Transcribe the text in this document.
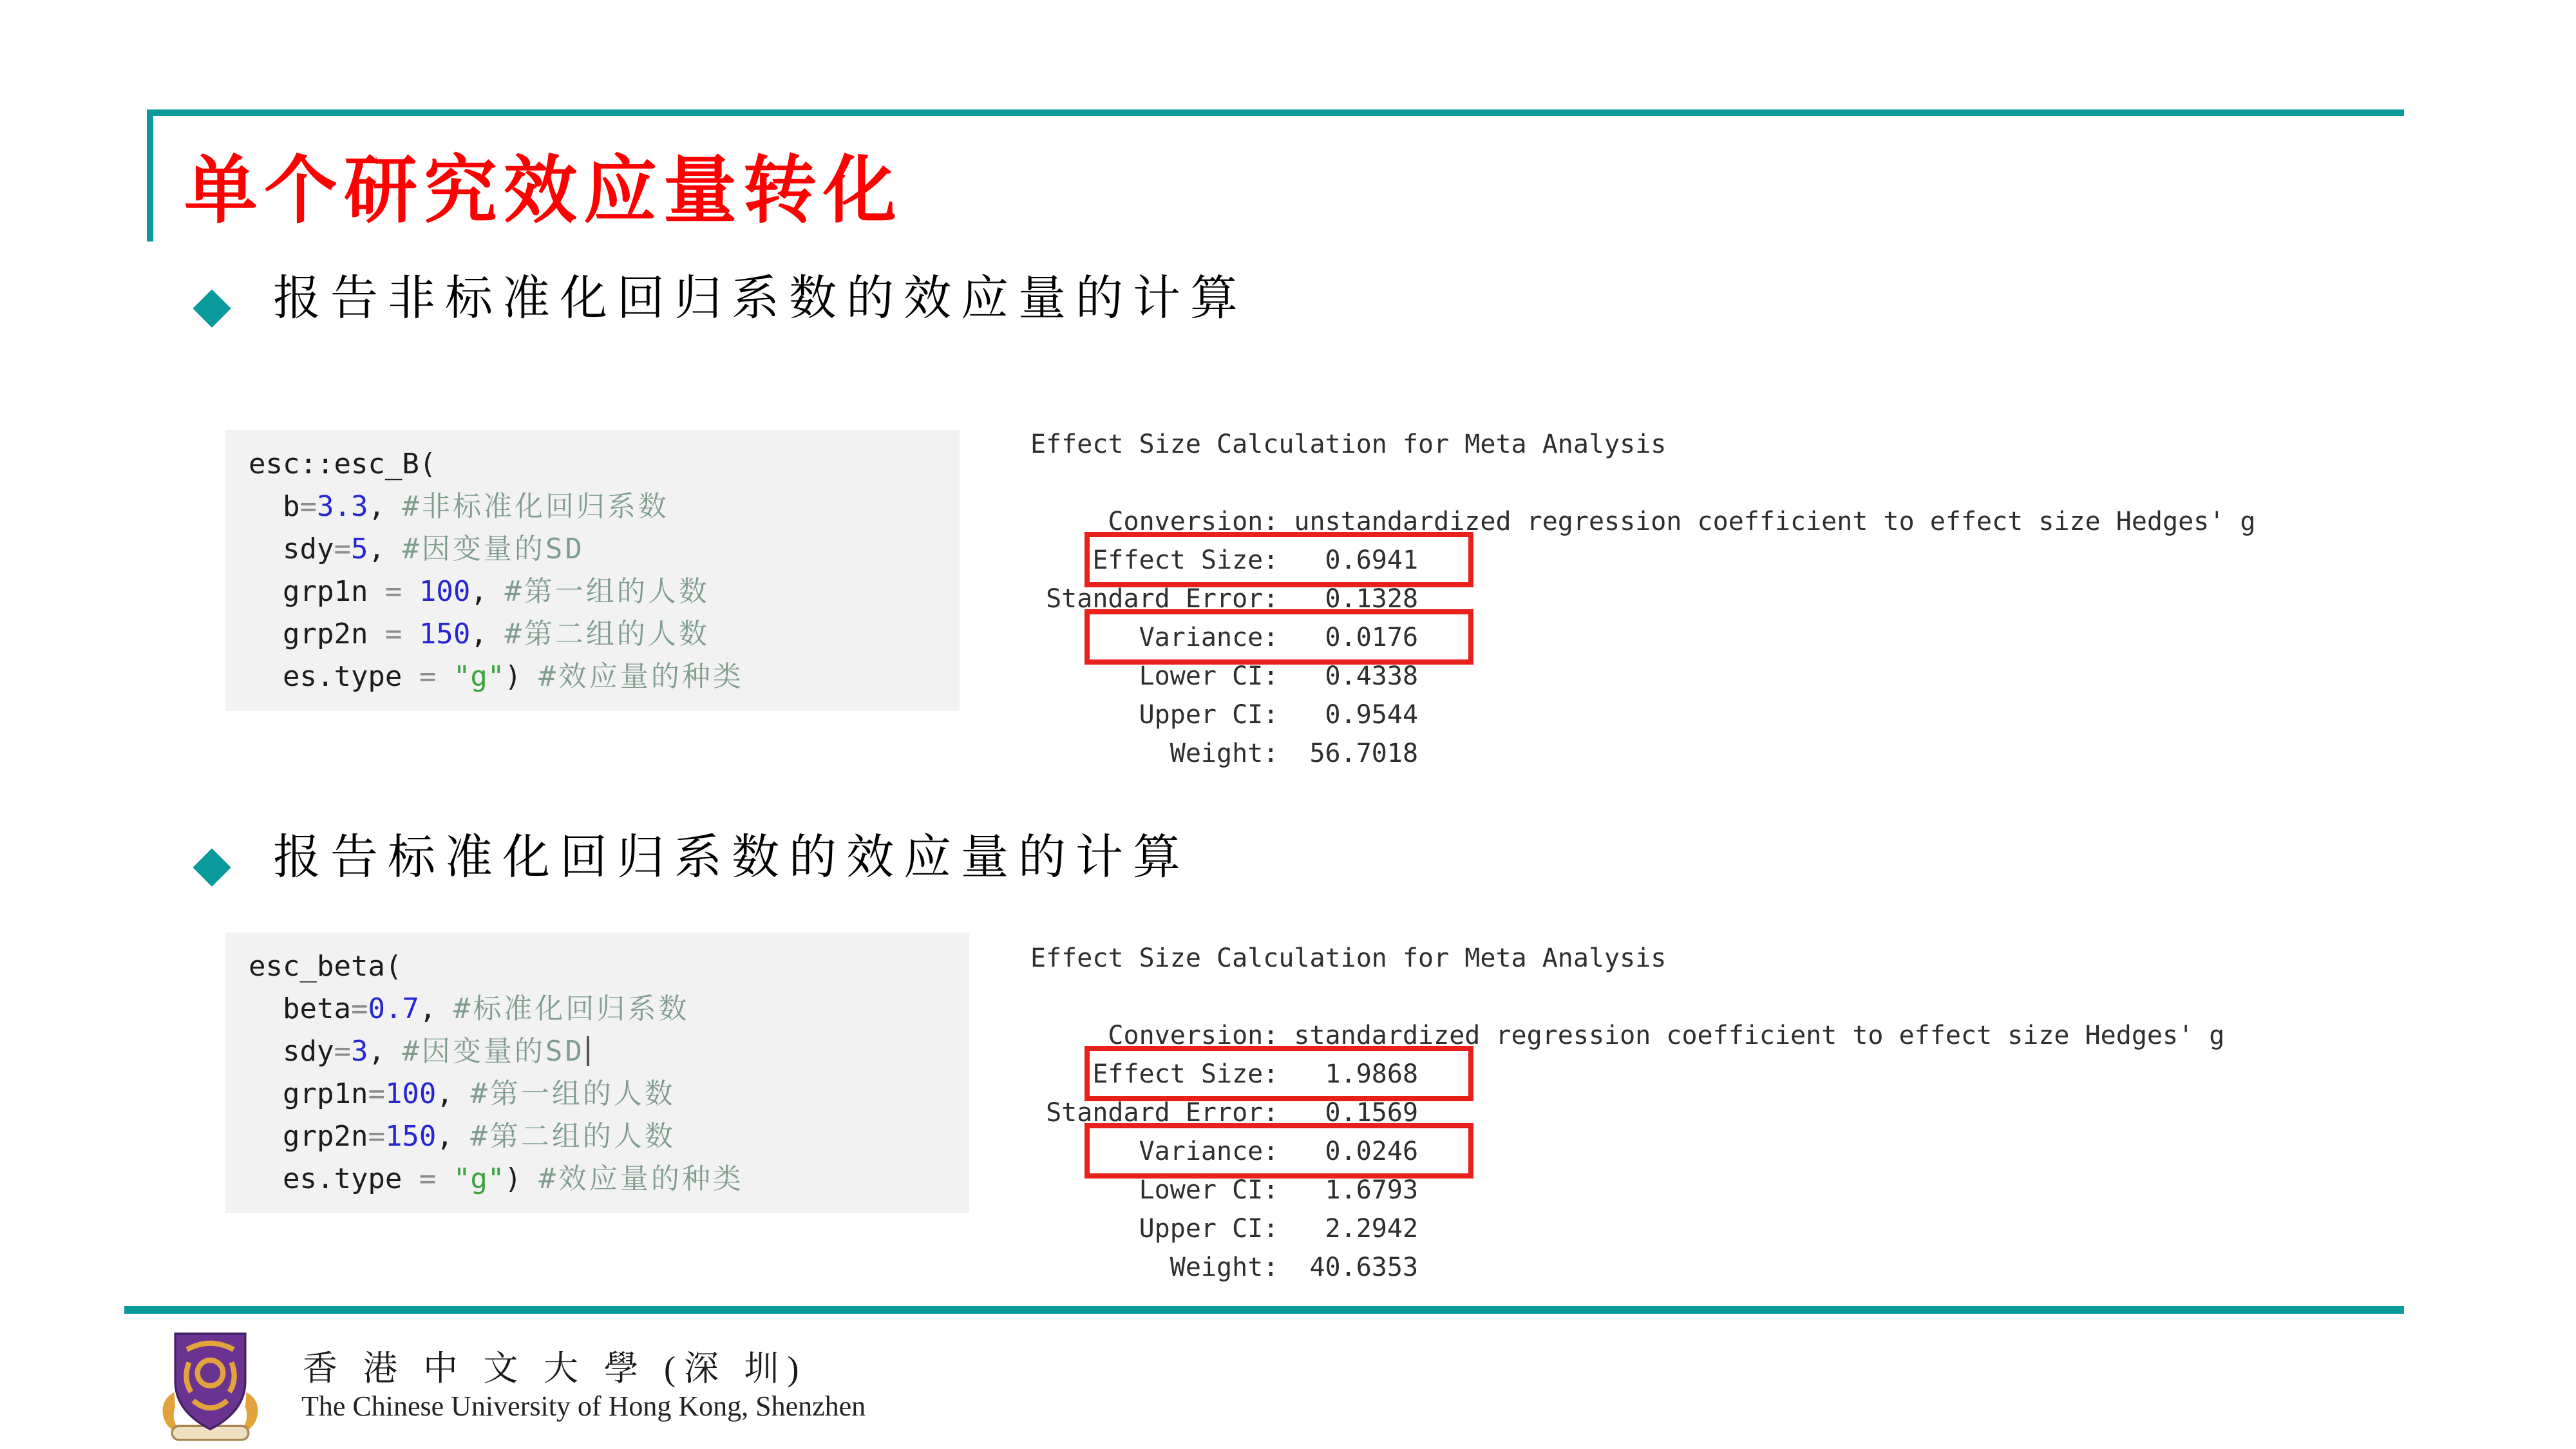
单个研究效应量转化

报告非标准化回归系数的效应量的计算

esc::esc_B(
b=3.3, #非标准化回归系数
sdy=5, #因变量的SD
grp1n = 100, #第一组的人数
grp2n = 150, #第二组的人数
es.type = "g") #效应量的种类
Effect Size Calculation for Meta Analysis
Conversion: unstandardized regression coefficient to effect size Hedges' g
Effect Size:   0.6941
Standard Error:   0.1328
Variance:   0.0176
Lower CI:   0.4338
Upper CI:   0.9544
Weight:  56.7018

报告标准化回归系数的效应量的计算

esc_beta(
beta=0.7, #标准化回归系数
sdy=3, #因变量的SD
grp1n=100, #第一组的人数
grp2n=150, #第二组的人数
es.type = "g") #效应量的种类
Effect Size Calculation for Meta Analysis
Conversion: standardized regression coefficient to effect size Hedges' g
Effect Size:   1.9868
Standard Error:   0.1569
Variance:   0.0246
Lower CI:   1.6793
Upper CI:   2.2942
Weight:  40.6353

香 港 中 文 大 學 (深 圳)

The Chinese University of Hong Kong, Shenzhen
